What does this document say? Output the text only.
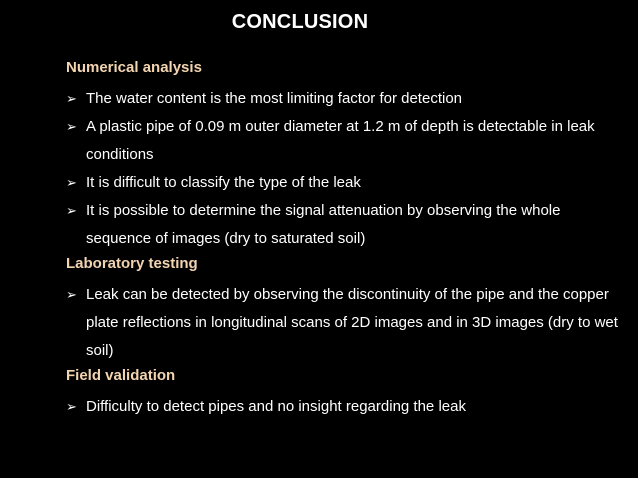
CONCLUSION
Numerical analysis
➢ The water content is the most limiting factor for detection
➢ A plastic pipe of 0.09 m outer diameter at 1.2 m of depth is detectable in leak conditions
➢ It is difficult to classify the type of the leak
➢ It is possible to determine the signal attenuation by observing the whole sequence of images (dry to saturated soil)
Laboratory testing
➢ Leak can be detected by observing the discontinuity of the pipe and the copper plate reflections in longitudinal scans of 2D images and in 3D images (dry to wet soil)
Field validation
➢ Difficulty to detect pipes and no insight regarding the leak
